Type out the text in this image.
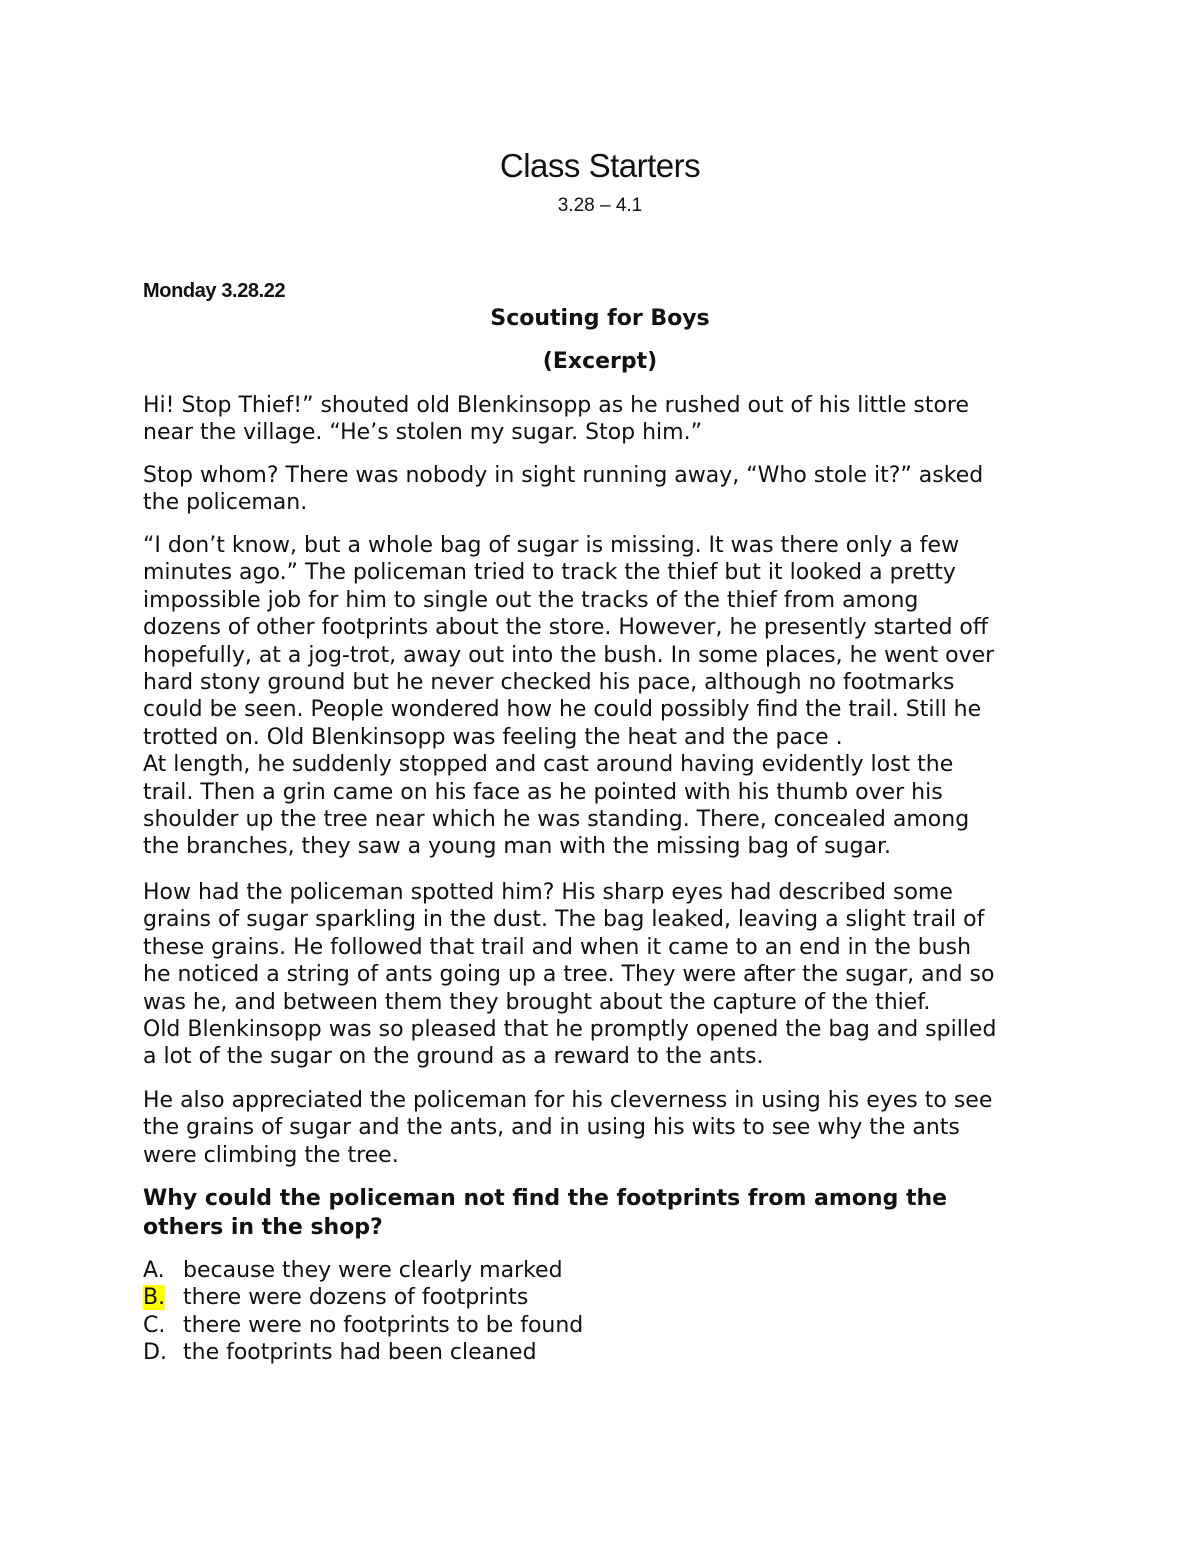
Class Starters
3.28 – 4.1
Monday 3.28.22
Scouting for Boys
(Excerpt)
Hi! Stop Thief!” shouted old Blenkinsopp as he rushed out of his little store
near the village. “He’s stolen my sugar. Stop him.”
Stop whom? There was nobody in sight running away, “Who stole it?” asked
the policeman.
“I don’t know, but a whole bag of sugar is missing. It was there only a few
minutes ago.” The policeman tried to track the thief but it looked a pretty
impossible job for him to single out the tracks of the thief from among
dozens of other footprints about the store. However, he presently started off
hopefully, at a jog-trot, away out into the bush. In some places, he went over
hard stony ground but he never checked his pace, although no footmarks
could be seen. People wondered how he could possibly find the trail. Still he
trotted on. Old Blenkinsopp was feeling the heat and the pace .
At length, he suddenly stopped and cast around having evidently lost the
trail. Then a grin came on his face as he pointed with his thumb over his
shoulder up the tree near which he was standing. There, concealed among
the branches, they saw a young man with the missing bag of sugar.
How had the policeman spotted him? His sharp eyes had described some
grains of sugar sparkling in the dust. The bag leaked, leaving a slight trail of
these grains. He followed that trail and when it came to an end in the bush
he noticed a string of ants going up a tree. They were after the sugar, and so
was he, and between them they brought about the capture of the thief.
Old Blenkinsopp was so pleased that he promptly opened the bag and spilled
a lot of the sugar on the ground as a reward to the ants.
He also appreciated the policeman for his cleverness in using his eyes to see
the grains of sugar and the ants, and in using his wits to see why the ants
were climbing the tree.
Why could the policeman not find the footprints from among the
others in the shop?
A. because they were clearly marked
B. there were dozens of footprints
C. there were no footprints to be found
D. the footprints had been cleaned
